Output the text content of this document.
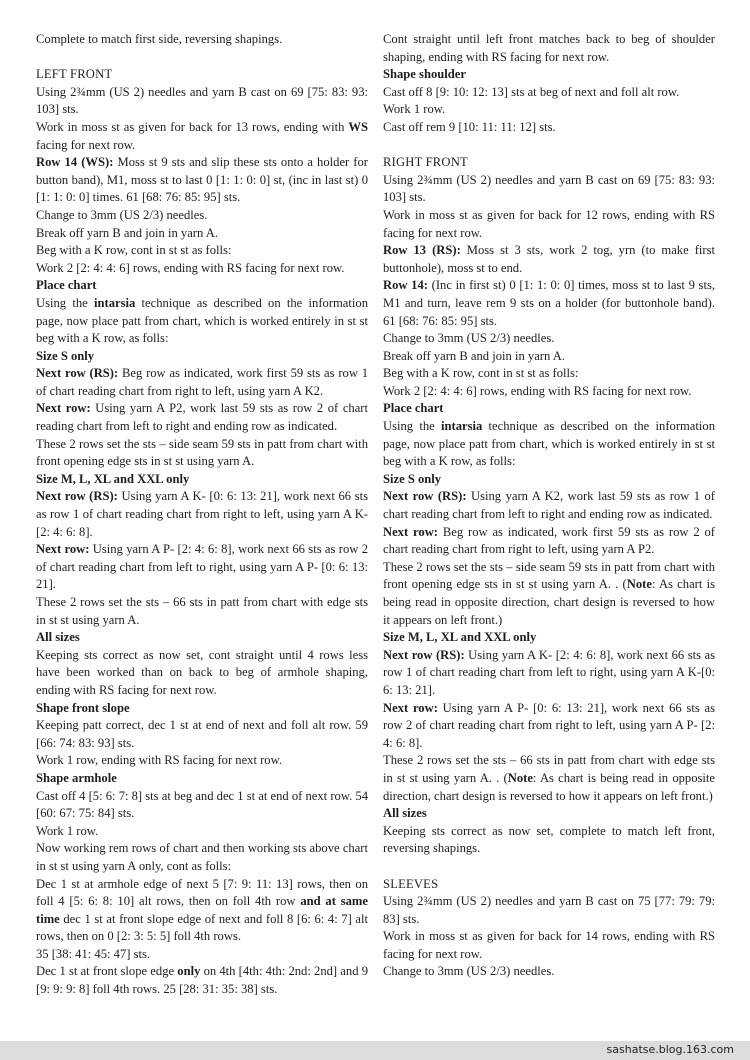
Complete to match first side, reversing shapings.

LEFT FRONT

Using 2¾mm (US 2) needles and yarn B cast on 69 [75: 83: 93: 103] sts.

Work in moss st as given for back for 13 rows, ending with WS facing for next row.

Row 14 (WS): Moss st 9 sts and slip these sts onto a holder for button band), M1, moss st to last 0 [1: 1: 0: 0] st, (inc in last st) 0 [1: 1: 0: 0] times. 61 [68: 76: 85: 95] sts.

Change to 3mm (US 2/3) needles.

Break off yarn B and join in yarn A.

Beg with a K row, cont in st st as folls:

Work 2 [2: 4: 4: 6] rows, ending with RS facing for next row.

Place chart

Using the intarsia technique as described on the information page, now place patt from chart, which is worked entirely in st st beg with a K row, as folls:

Size S only

Next row (RS): Beg row as indicated, work first 59 sts as row 1 of chart reading chart from right to left, using yarn A K2.

Next row: Using yarn A P2, work last 59 sts as row 2 of chart reading chart from left to right and ending row as indicated.

These 2 rows set the sts – side seam 59 sts in patt from chart with front opening edge sts in st st using yarn A.

Size M, L, XL and XXL only

Next row (RS): Using yarn A K- [0: 6: 13: 21], work next 66 sts as row 1 of chart reading chart from right to left, using yarn A K- [2: 4: 6: 8].

Next row: Using yarn A P- [2: 4: 6: 8], work next 66 sts as row 2 of chart reading chart from left to right, using yarn A P- [0: 6: 13: 21].

These 2 rows set the sts – 66 sts in patt from chart with edge sts in st st using yarn A.

All sizes

Keeping sts correct as now set, cont straight until 4 rows less have been worked than on back to beg of armhole shaping, ending with RS facing for next row.

Shape front slope

Keeping patt correct, dec 1 st at end of next and foll alt row. 59 [66: 74: 83: 93] sts.

Work 1 row, ending with RS facing for next row.

Shape armhole

Cast off 4 [5: 6: 7: 8] sts at beg and dec 1 st at end of next row. 54 [60: 67: 75: 84] sts.

Work 1 row.

Now working rem rows of chart and then working sts above chart in st st using yarn A only, cont as folls:

Dec 1 st at armhole edge of next 5 [7: 9: 11: 13] rows, then on foll 4 [5: 6: 8: 10] alt rows, then on foll 4th row and at same time dec 1 st at front slope edge of next and foll 8 [6: 6: 4: 7] alt rows, then on 0 [2: 3: 5: 5] foll 4th rows.

35 [38: 41: 45: 47] sts.

Dec 1 st at front slope edge only on 4th [4th: 4th: 2nd: 2nd] and 9 [9: 9: 9: 8] foll 4th rows. 25 [28: 31: 35: 38] sts.

Cont straight until left front matches back to beg of shoulder shaping, ending with RS facing for next row.

Shape shoulder

Cast off 8 [9: 10: 12: 13] sts at beg of next and foll alt row.

Work 1 row.

Cast off rem 9 [10: 11: 11: 12] sts.

RIGHT FRONT

Using 2¾mm (US 2) needles and yarn B cast on 69 [75: 83: 93: 103] sts.

Work in moss st as given for back for 12 rows, ending with RS facing for next row.

Row 13 (RS): Moss st 3 sts, work 2 tog, yrn (to make first buttonhole), moss st to end.

Row 14: (Inc in first st) 0 [1: 1: 0: 0] times, moss st to last 9 sts, M1 and turn, leave rem 9 sts on a holder (for buttonhole band). 61 [68: 76: 85: 95] sts.

Change to 3mm (US 2/3) needles.

Break off yarn B and join in yarn A.

Beg with a K row, cont in st st as folls:

Work 2 [2: 4: 4: 6] rows, ending with RS facing for next row.

Place chart

Using the intarsia technique as described on the information page, now place patt from chart, which is worked entirely in st st beg with a K row, as folls:

Size S only

Next row (RS): Using yarn A K2, work last 59 sts as row 1 of chart reading chart from left to right and ending row as indicated.

Next row: Beg row as indicated, work first 59 sts as row 2 of chart reading chart from right to left, using yarn A P2.

These 2 rows set the sts – side seam 59 sts in patt from chart with front opening edge sts in st st using yarn A. . (Note: As chart is being read in opposite direction, chart design is reversed to how it appears on left front.)

Size M, L, XL and XXL only

Next row (RS): Using yarn A K- [2: 4: 6: 8], work next 66 sts as row 1 of chart reading chart from left to right, using yarn A K-[0: 6: 13: 21].

Next row: Using yarn A P- [0: 6: 13: 21], work next 66 sts as row 2 of chart reading chart from right to left, using yarn A P- [2: 4: 6: 8].

These 2 rows set the sts – 66 sts in patt from chart with edge sts in st st using yarn A. . (Note: As chart is being read in opposite direction, chart design is reversed to how it appears on left front.)

All sizes

Keeping sts correct as now set, complete to match left front, reversing shapings.

SLEEVES

Using 2¾mm (US 2) needles and yarn B cast on 75 [77: 79: 79: 83] sts.

Work in moss st as given for back for 14 rows, ending with RS facing for next row.

Change to 3mm (US 2/3) needles.

sashatse.blog.163.com
